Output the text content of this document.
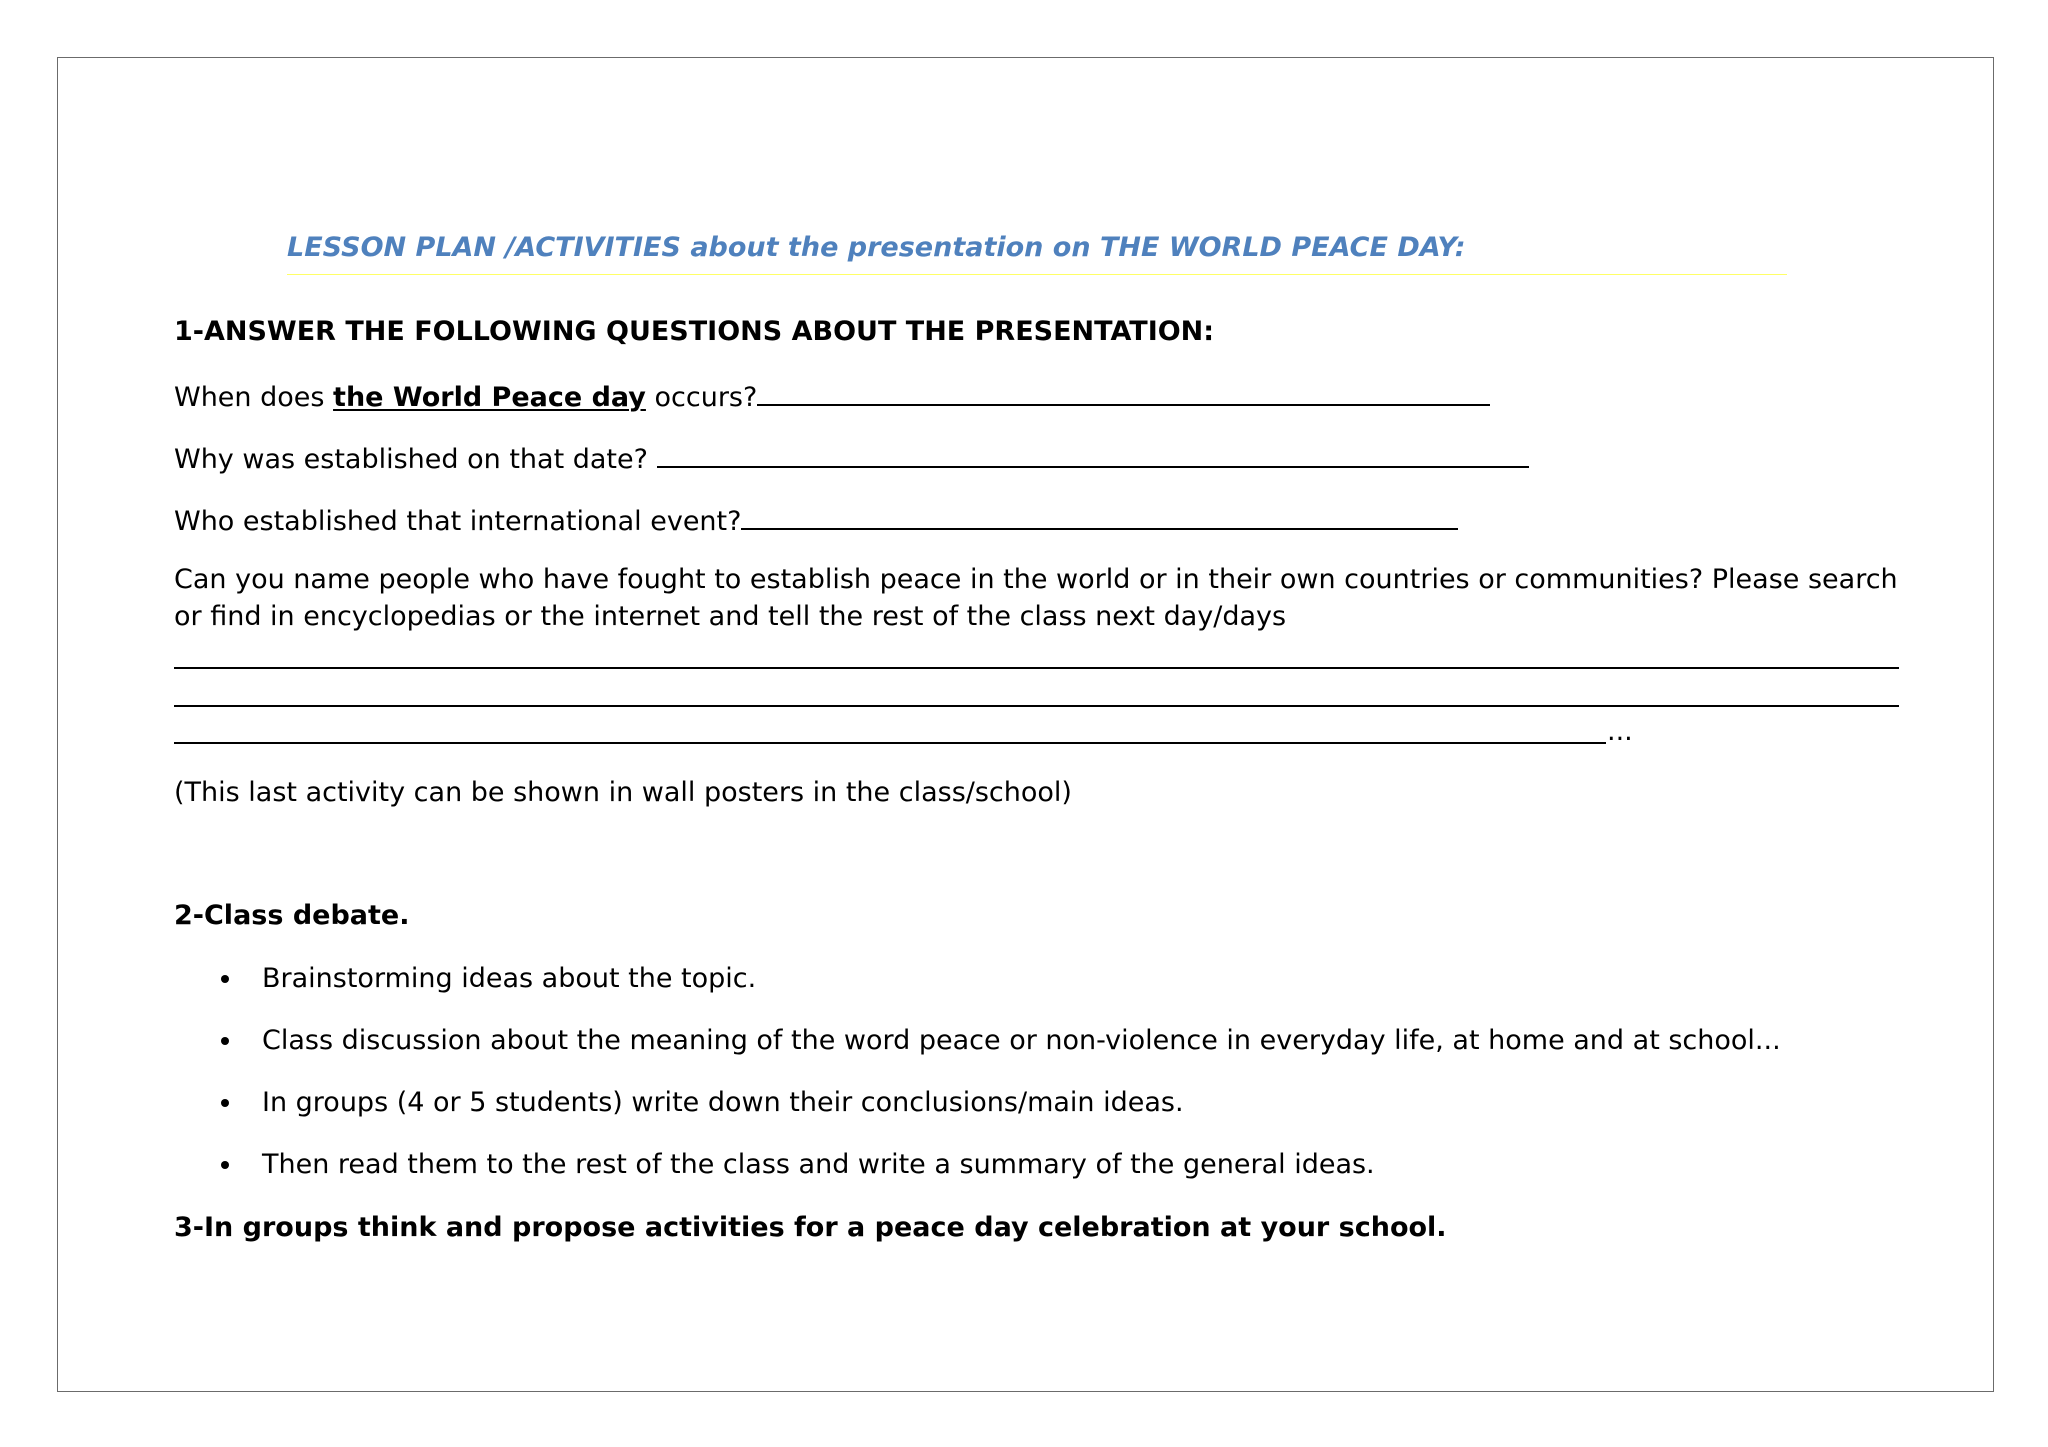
LESSON PLAN /ACTIVITIES about the presentation on THE WORLD PEACE DAY:
1-ANSWER THE FOLLOWING QUESTIONS ABOUT THE PRESENTATION:
When does the World Peace day occurs?
Why was established on that date?
Who established that international event?
Can you name people who have fought to establish peace in the world or in their own countries or communities? Please search
or find in encyclopedias or the internet and tell the rest of the class next day/days
...
(This last activity can be shown in wall posters in the class/school)
2-Class debate.
Brainstorming ideas about the topic.
Class discussion about the meaning of the word peace or non-violence in everyday life, at home and at school...
In groups (4 or 5 students) write down their conclusions/main ideas.
Then read them to the rest of the class and write a summary of the general ideas.
3-In groups think and propose activities for a peace day celebration at your school.
